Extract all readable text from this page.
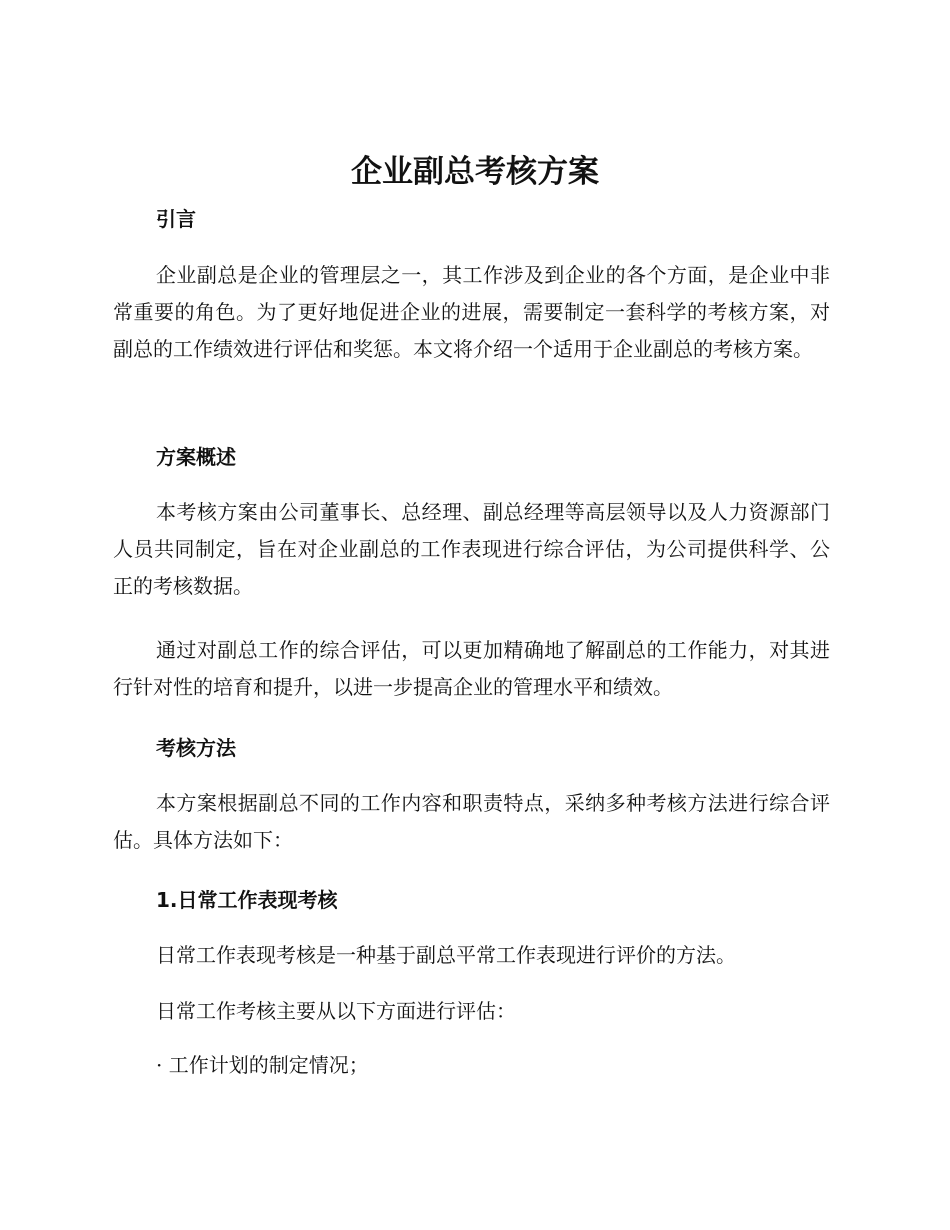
企业副总考核方案
引言

企业副总是企业的管理层之一，其工作涉及到企业的各个方面，是企业中非常重要的角色。为了更好地促进企业的进展，需要制定一套科学的考核方案，对副总的工作绩效进行评估和奖惩。本文将介绍一个适用于企业副总的考核方案。

方案概述

本考核方案由公司董事长、总经理、副总经理等高层领导以及人力资源部门人员共同制定，旨在对企业副总的工作表现进行综合评估，为公司提供科学、公正的考核数据。

通过对副总工作的综合评估，可以更加精确地了解副总的工作能力，对其进行针对性的培育和提升，以进一步提高企业的管理水平和绩效。

考核方法

本方案根据副总不同的工作内容和职责特点，采纳多种考核方法进行综合评估。具体方法如下：

1.日常工作表现考核

日常工作表现考核是一种基于副总平常工作表现进行评价的方法。

日常工作考核主要从以下方面进行评估：

· 工作计划的制定情况；
